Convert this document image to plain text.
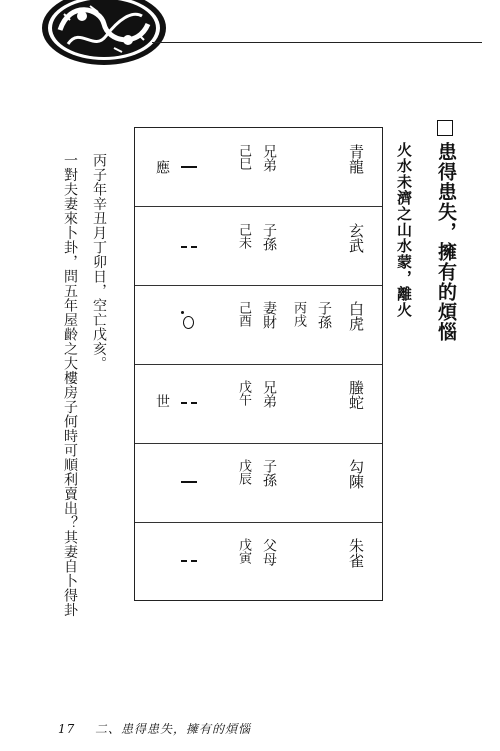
患得患失，擁有的煩惱
火水未濟之山水蒙，離火
青龍
兄弟
己巳
應
玄武
子孫
己未
白虎
子孫
丙戌
妻財
己酉
螣蛇
兄弟
戊午
世
勾陳
子孫
戊辰
朱雀
父母
戊寅
丙子年辛丑月丁卯日，空亡戊亥。
一對夫妻來卜卦，問五年屋齡之大樓房子何時可順利賣出？其妻自卜得卦
17 二、患得患失，擁有的煩惱
